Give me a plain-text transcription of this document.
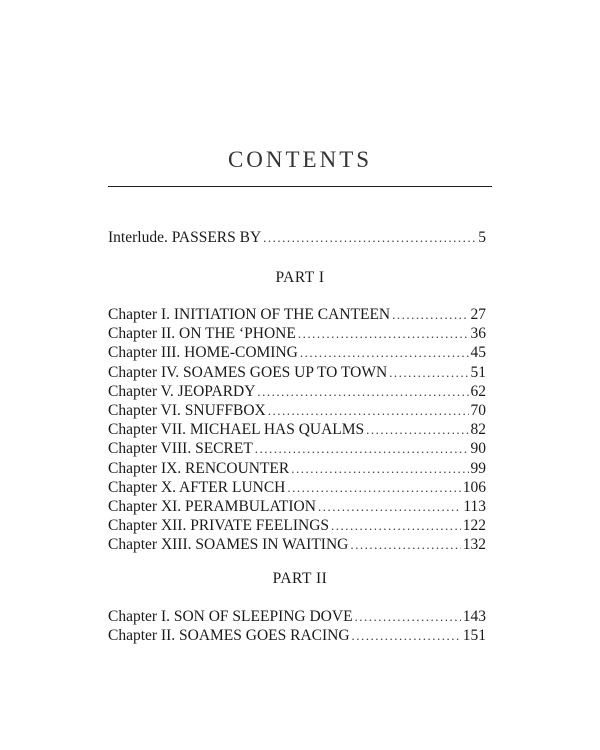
CONTENTS
Interlude. PASSERS BY .....	5
PART I
Chapter I. INITIATION OF THE CANTEEN .....	27
Chapter II. ON THE ‘PHONE .....	36
Chapter III. HOME-COMING .....	45
Chapter IV. SOAMES GOES UP TO TOWN .....	51
Chapter V. JEOPARDY .....	62
Chapter VI. SNUFFBOX .....	70
Chapter VII. MICHAEL HAS QUALMS .....	82
Chapter VIII. SECRET .....	90
Chapter IX. RENCOUNTER .....	99
Chapter X. AFTER LUNCH .....	106
Chapter XI. PERAMBULATION .....	113
Chapter XII. PRIVATE FEELINGS .....	122
Chapter XIII. SOAMES IN WAITING .....	132
PART II
Chapter I. SON OF SLEEPING DOVE .....	143
Chapter II. SOAMES GOES RACING .....	151
